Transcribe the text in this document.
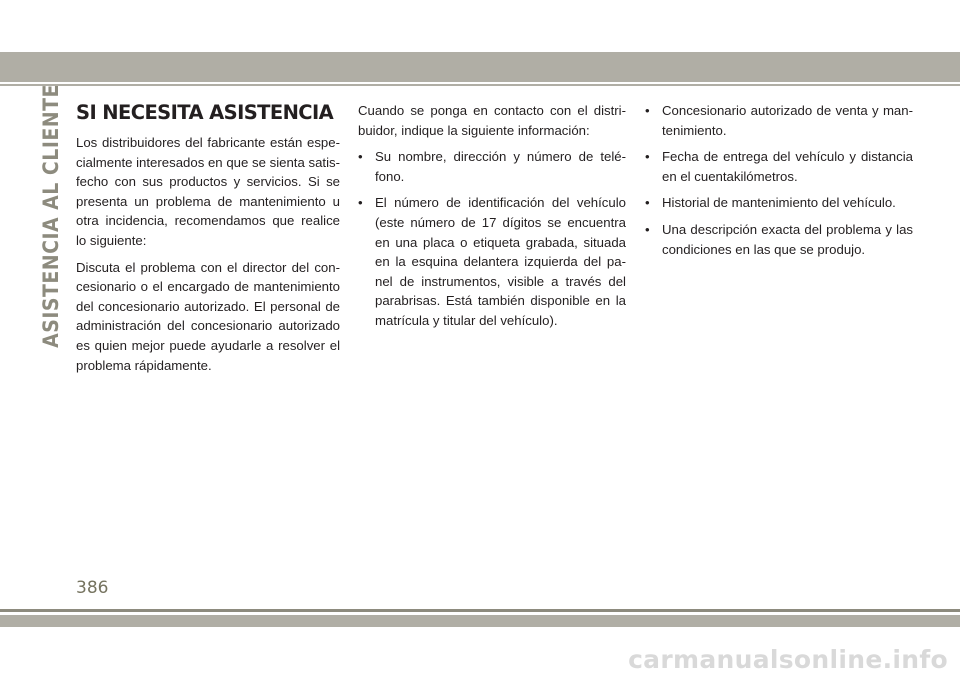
ASISTENCIA AL CLIENTE SI NECESITA ASISTENCIA

Los distribuidores del fabricante están espe-cialmente interesados en que se sienta satis-fecho con sus productos y servicios. Si se presenta un problema de mantenimiento u otra incidencia, recomendamos que realice lo siguiente:

Discuta el problema con el director del con-cesionario o el encargado de mantenimiento del concesionario autorizado. El personal de administración del concesionario autorizado es quien mejor puede ayudarle a resolver el problema rápidamente.

Cuando se ponga en contacto con el distri-buidor, indique la siguiente información:

• Su nombre, dirección y número de telé-fono.
• El número de identificación del vehículo (este número de 17 dígitos se encuentra en una placa o etiqueta grabada, situada en la esquina delantera izquierda del pa-nel de instrumentos, visible a través del parabrisas. Está también disponible en la matrícula y titular del vehículo).
• Concesionario autorizado de venta y man-tenimiento.
• Fecha de entrega del vehículo y distancia en el cuentakilómetros.
• Historial de mantenimiento del vehículo.
• Una descripción exacta del problema y las condiciones en las que se produjo.
386
carmanualsonline.info
